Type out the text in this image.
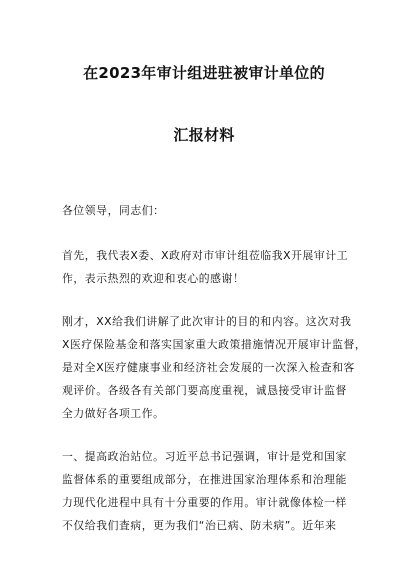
在2023年审计组进驻被审计单位的
汇报材料
各位领导，同志们：
首先，我代表X委、X政府对市审计组莅临我X开展审计工
作，表示热烈的欢迎和衷心的感谢！
刚才，XX给我们讲解了此次审计的目的和内容。这次对我
X医疗保险基金和落实国家重大政策措施情况开展审计监督，
是对全X医疗健康事业和经济社会发展的一次深入检查和客
观评价。各级各有关部门要高度重视，诚恳接受审计监督
全力做好各项工作。
一、提高政治站位。习近平总书记强调，审计是党和国家
监督体系的重要组成部分，在推进国家治理体系和治理能
力现代化进程中具有十分重要的作用。审计就像体检一样
不仅给我们査病，更为我们“治已病、防未病”。近年来
